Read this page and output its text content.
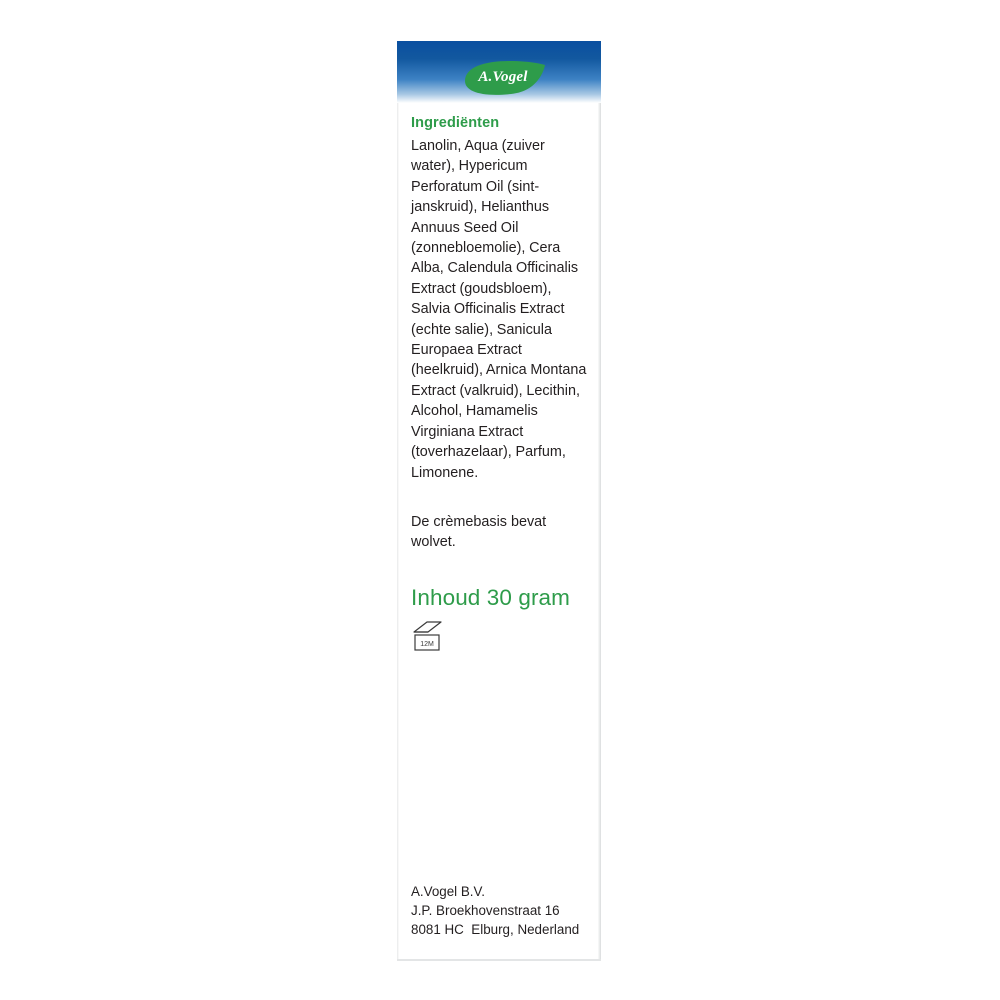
A.Vogel

Ingrediënten

Lanolin, Aqua (zuiver water), Hypericum Perforatum Oil (sint-janskruid), Helianthus Annuus Seed Oil (zonnebloemolie), Cera Alba, Calendula Officinalis Extract (goudsbloem), Salvia Officinalis Extract (echte salie), Sanicula Europaea Extract (heelkruid), Arnica Montana Extract (valkruid), Lecithin, Alcohol, Hamamelis Virginiana Extract (toverhazelaar), Parfum, Limonene.

De crèmebasis bevat wolvet.

Inhoud 30 gram

12M
A.Vogel B.V.
J.P. Broekhovenstraat 16
8081 HC  Elburg, Nederland
